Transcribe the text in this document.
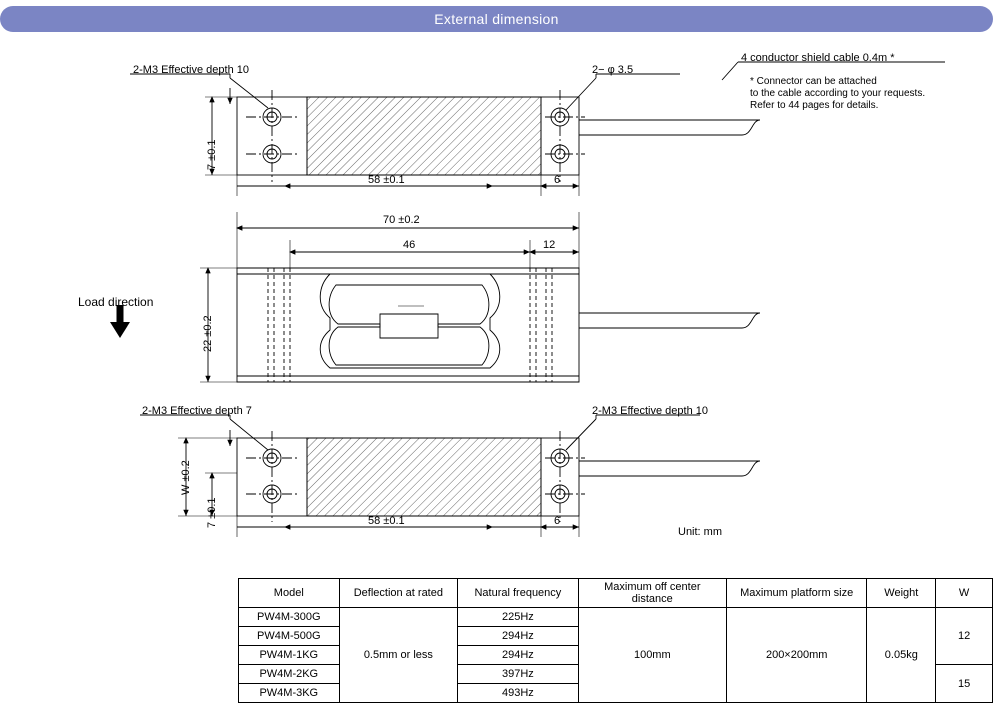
External dimension
2-M3 Effective depth 10	2− φ 3.5
4 conductor shield cable 0.4m *
* Connector can be attached
to the cable according to your requests.
Refer to 44 pages for details.
58 ±0.1	6
7 ±0.1
70 ±0.2
46	12
22 ±0.2
Load direction
2-M3 Effective depth 7	2-M3 Effective depth 10
W ±0.2
7 ±0.1	58 ±0.1	6
Unit: mm
Model	Deflection at rated	Natural frequency	Maximum off center distance	Maximum platform size	Weight	W
PW4M-300G	0.5mm or less	225Hz	100mm	200×200mm	0.05kg	12
PW4M-500G		294Hz				
PW4M-1KG		294Hz				
PW4M-2KG		397Hz				15
PW4M-3KG		493Hz				
